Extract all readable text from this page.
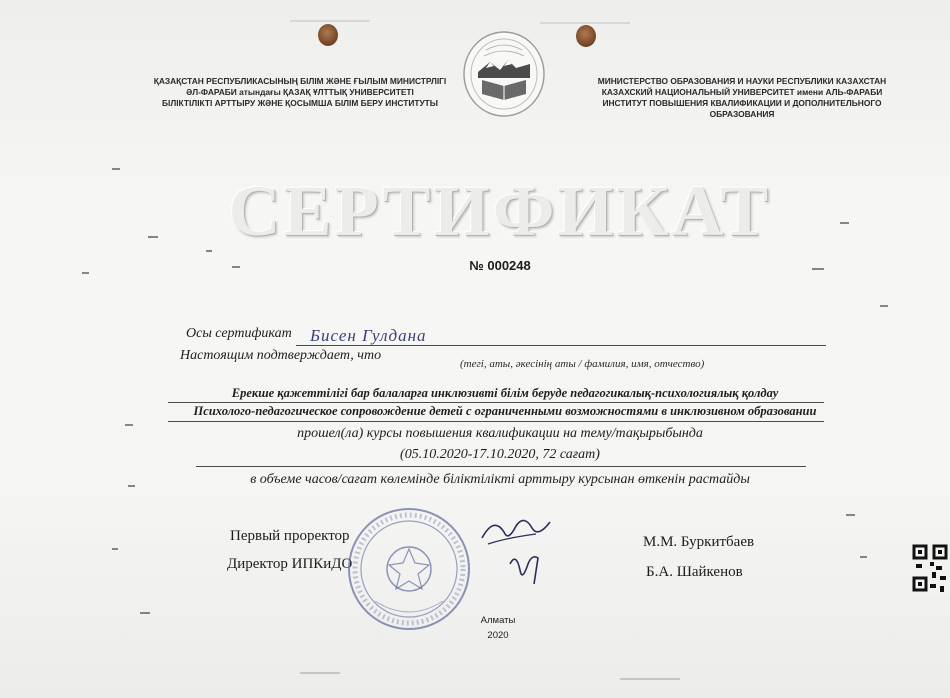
ҚАЗАҚСТАН РЕСПУБЛИКАСЫНЫҢ БІЛІМ ЖӘНЕ ҒЫЛЫМ МИНИСТРЛІГІ
ӘЛ-ФАРАБИ атындағы ҚАЗАҚ ҰЛТТЫҚ УНИВЕРСИТЕТІ
БІЛІКТІЛІКТІ АРТТЫРУ ЖӘНЕ ҚОСЫМША БІЛІМ БЕРУ ИНСТИТУТЫ
МИНИСТЕРСТВО ОБРАЗОВАНИЯ И НАУКИ РЕСПУБЛИКИ КАЗАХСТАН
КАЗАХСКИЙ НАЦИОНАЛЬНЫЙ УНИВЕРСИТЕТ имени АЛЬ-ФАРАБИ
ИНСТИТУТ ПОВЫШЕНИЯ КВАЛИФИКАЦИИ И ДОПОЛНИТЕЛЬНОГО ОБРАЗОВАНИЯ
СЕРТИФИКАТ
№ 000248
Осы сертификат Бисен Гулдана
Настоящим подтверждает, что
(тегі, аты, әкесінің аты / фамилия, имя, отчество)
Ерекше қажеттілігі бар балаларға инклюзивті білім беруде педагогикалық-психологиялық қолдау
Психолого-педагогическое сопровождение детей с ограниченными возможностями в инклюзивном образовании
прошел(ла) курсы повышения квалификации на тему/тақырыбында
(05.10.2020-17.10.2020, 72 сағат)
в объеме часов/сағат көлемінде біліктілікті арттыру курсынан өткенін растайды
Первый проректор
Директор ИПКиДО
М.М. Буркитбаев
Б.А. Шайкенов
Алматы
2020
